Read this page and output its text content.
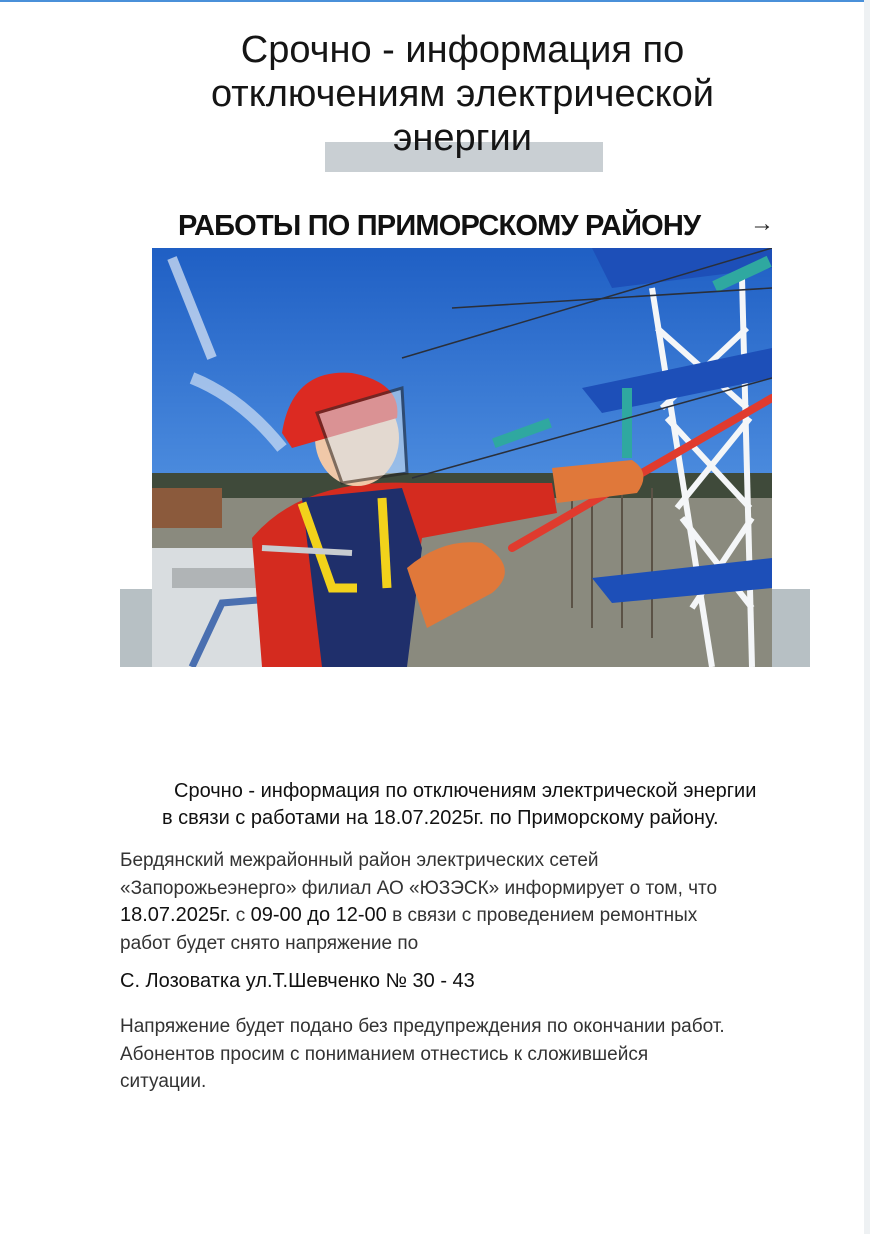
Срочно - информация по
отключениям электрической
энергии
РАБОТЫ ПО ПРИМОРСКОМУ РАЙОНУ	→
Срочно - информация по отключениям электрической энергии
в связи с работами на 18.07.2025г. по Приморскому району.
Бердянский межрайонный район электрических сетей
«Запорожьеэнерго» филиал АО «ЮЗЭСК» информирует о том, что
18.07.2025г. с 09-00 до 12-00 в связи с проведением ремонтных
работ будет снято напряжение по
С. Лозоватка ул.Т.Шевченко № 30 - 43
Напряжение будет подано без предупреждения по окончании работ.
Абонентов просим с пониманием отнестись к сложившейся
ситуации.
